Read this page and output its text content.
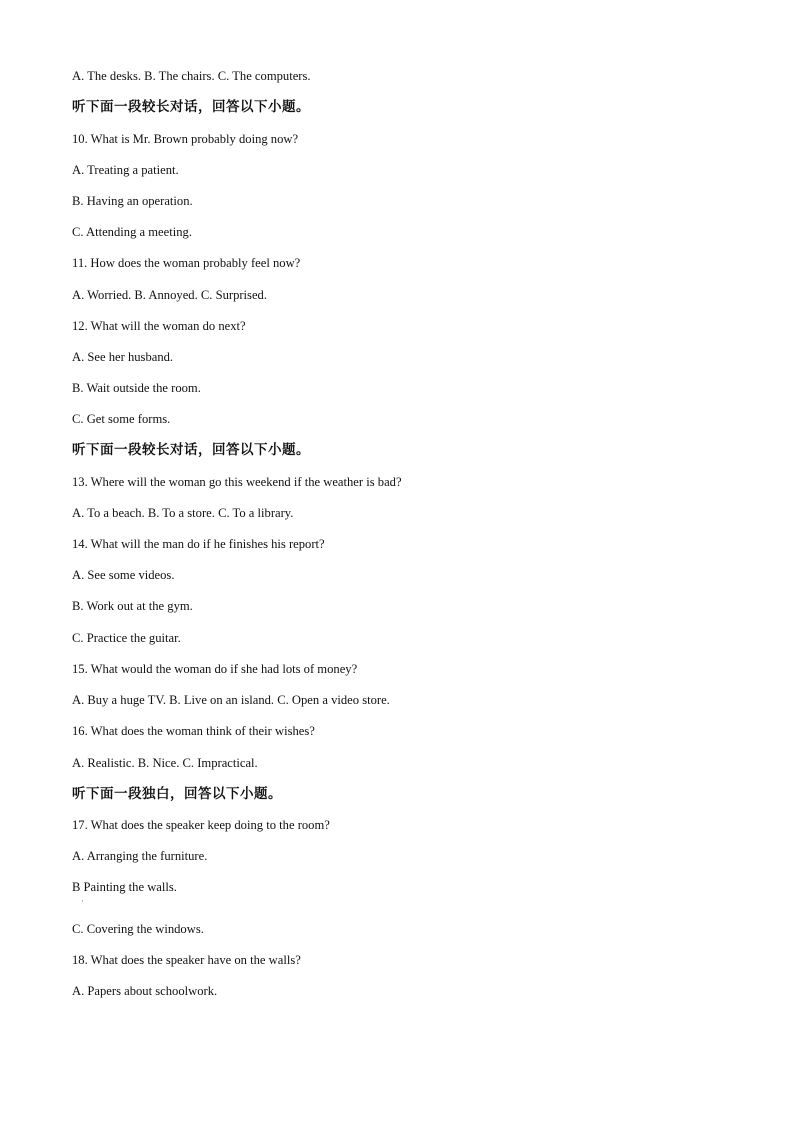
A. The desks. B. The chairs. C. The computers.
听下面一段较长对话，回答以下小题。
10. What is Mr. Brown probably doing now?
A. Treating a patient.
B. Having an operation.
C. Attending a meeting.
11. How does the woman probably feel now?
A. Worried. B. Annoyed. C. Surprised.
12. What will the woman do next?
A. See her husband.
B. Wait outside the room.
C. Get some forms.
听下面一段较长对话，回答以下小题。
13. Where will the woman go this weekend if the weather is bad?
A. To a beach. B. To a store. C. To a library.
14. What will the man do if he finishes his report?
A. See some videos.
B. Work out at the gym.
C. Practice the guitar.
15. What would the woman do if she had lots of money?
A. Buy a huge TV. B. Live on an island. C. Open a video store.
16. What does the woman think of their wishes?
A. Realistic. B. Nice. C. Impractical.
听下面一段独白，回答以下小题。
17. What does the speaker keep doing to the room?
A. Arranging the furniture.
B Painting the walls.
·
C. Covering the windows.
18. What does the speaker have on the walls?
A. Papers about schoolwork.
